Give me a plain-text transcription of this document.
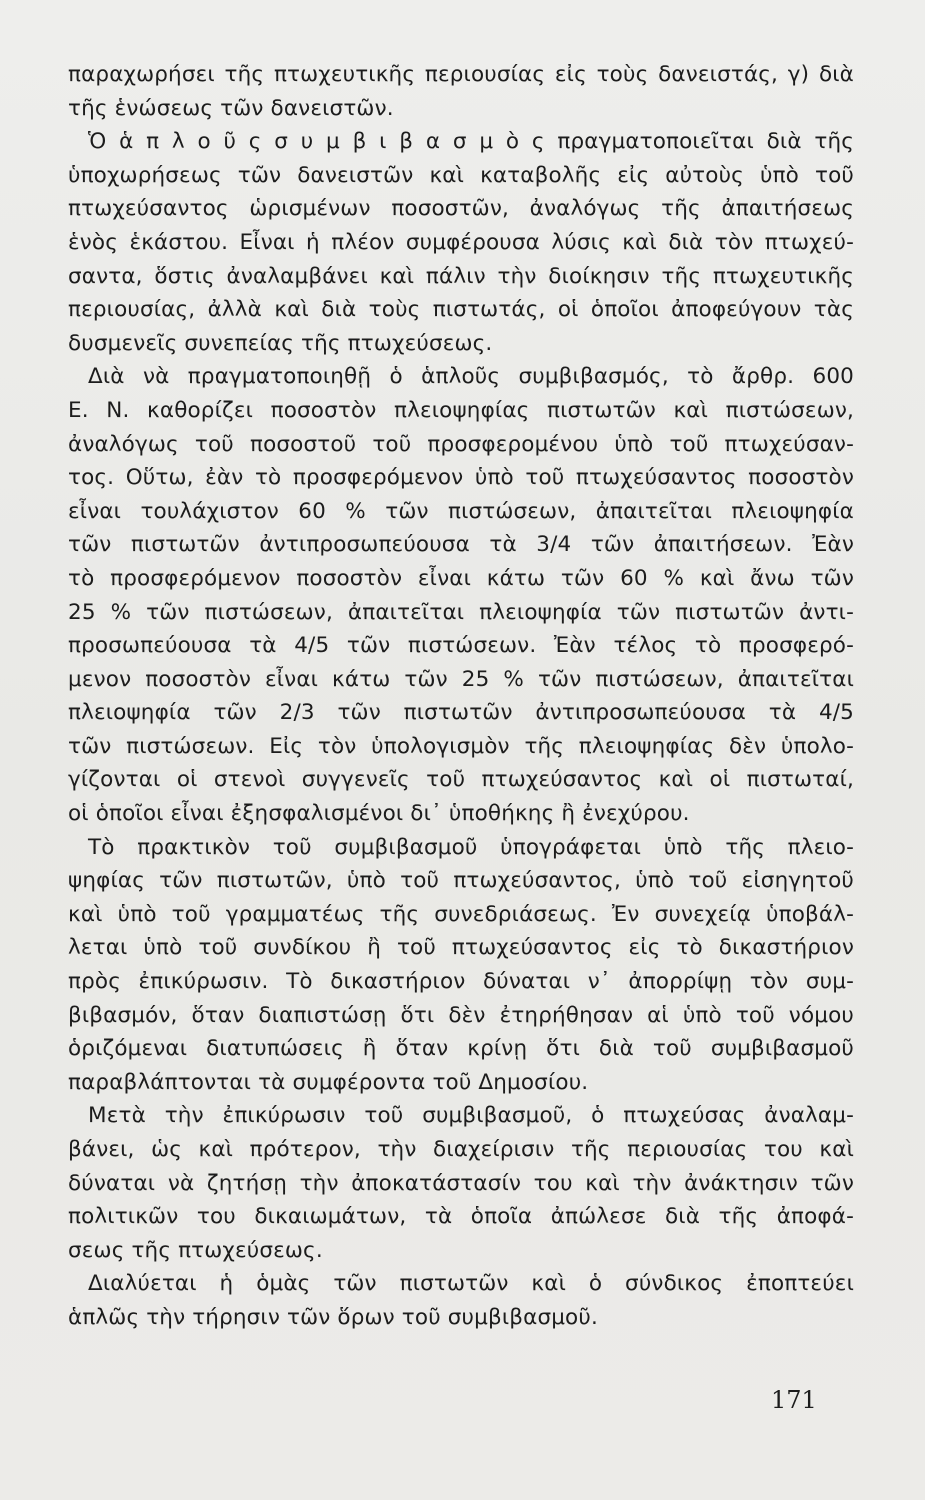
παραχωρήσει τῆς πτωχευτικῆς περιουσίας εἰς τοὺς δανειστάς, γ) διὰ
τῆς ἑνώσεως τῶν δανειστῶν.
Ὁ ἁ π λ ο ῦ ς σ υ μ β ι β α σ μ ὸ ς πραγματοποιεῖται διὰ τῆς
ὑποχωρήσεως τῶν δανειστῶν καὶ καταβολῆς εἰς αὐτοὺς ὑπὸ τοῦ
πτωχεύσαντος ὡρισμένων ποσοστῶν, ἀναλόγως τῆς ἀπαιτήσεως
ἑνὸς ἑκάστου. Εἶναι ἡ πλέον συμφέρουσα λύσις καὶ διὰ τὸν πτωχεύ-
σαντα, ὅστις ἀναλαμβάνει καὶ πάλιν τὴν διοίκησιν τῆς πτωχευτικῆς
περιουσίας, ἀλλὰ καὶ διὰ τοὺς πιστωτάς, οἱ ὁποῖοι ἀποφεύγουν τὰς
δυσμενεῖς συνεπείας τῆς πτωχεύσεως.
Διὰ νὰ πραγματοποιηθῇ ὁ ἁπλοῦς συμβιβασμός, τὸ ἄρθρ. 600
Ε. Ν. καθορίζει ποσοστὸν πλειοψηφίας πιστωτῶν καὶ πιστώσεων,
ἀναλόγως τοῦ ποσοστοῦ τοῦ προσφερομένου ὑπὸ τοῦ πτωχεύσαν-
τος. Οὕτω, ἐὰν τὸ προσφερόμενον ὑπὸ τοῦ πτωχεύσαντος ποσοστὸν
εἶναι τουλάχιστον 60 % τῶν πιστώσεων, ἀπαιτεῖται πλειοψηφία
τῶν πιστωτῶν ἀντιπροσωπεύουσα τὰ 3/4 τῶν ἀπαιτήσεων. Ἐὰν
τὸ προσφερόμενον ποσοστὸν εἶναι κάτω τῶν 60 % καὶ ἄνω τῶν
25 % τῶν πιστώσεων, ἀπαιτεῖται πλειοψηφία τῶν πιστωτῶν ἀντι-
προσωπεύουσα τὰ 4/5 τῶν πιστώσεων. Ἐὰν τέλος τὸ προσφερό-
μενον ποσοστὸν εἶναι κάτω τῶν 25 % τῶν πιστώσεων, ἀπαιτεῖται
πλειοψηφία τῶν 2/3 τῶν πιστωτῶν ἀντιπροσωπεύουσα τὰ 4/5
τῶν πιστώσεων. Εἰς τὸν ὑπολογισμὸν τῆς πλειοψηφίας δὲν ὑπολο-
γίζονται οἱ στενοὶ συγγενεῖς τοῦ πτωχεύσαντος καὶ οἱ πιστωταί,
οἱ ὁποῖοι εἶναι ἐξησφαλισμένοι δι᾽ ὑποθήκης ἢ ἐνεχύρου.
Τὸ πρακτικὸν τοῦ συμβιβασμοῦ ὑπογράφεται ὑπὸ τῆς πλειο-
ψηφίας τῶν πιστωτῶν, ὑπὸ τοῦ πτωχεύσαντος, ὑπὸ τοῦ εἰσηγητοῦ
καὶ ὑπὸ τοῦ γραμματέως τῆς συνεδριάσεως. Ἐν συνεχείᾳ ὑποβάλ-
λεται ὑπὸ τοῦ συνδίκου ἢ τοῦ πτωχεύσαντος εἰς τὸ δικαστήριον
πρὸς ἐπικύρωσιν. Τὸ δικαστήριον δύναται ν᾽ ἀπορρίψῃ τὸν συμ-
βιβασμόν, ὅταν διαπιστώσῃ ὅτι δὲν ἐτηρήθησαν αἱ ὑπὸ τοῦ νόμου
ὁριζόμεναι διατυπώσεις ἢ ὅταν κρίνῃ ὅτι διὰ τοῦ συμβιβασμοῦ
παραβλάπτονται τὰ συμφέροντα τοῦ Δημοσίου.
Μετὰ τὴν ἐπικύρωσιν τοῦ συμβιβασμοῦ, ὁ πτωχεύσας ἀναλαμ-
βάνει, ὡς καὶ πρότερον, τὴν διαχείρισιν τῆς περιουσίας του καὶ
δύναται νὰ ζητήσῃ τὴν ἀποκατάστασίν του καὶ τὴν ἀνάκτησιν τῶν
πολιτικῶν του δικαιωμάτων, τὰ ὁποῖα ἀπώλεσε διὰ τῆς ἀποφά-
σεως τῆς πτωχεύσεως.
Διαλύεται ἡ ὁμὰς τῶν πιστωτῶν καὶ ὁ σύνδικος ἐποπτεύει
ἁπλῶς τὴν τήρησιν τῶν ὅρων τοῦ συμβιβασμοῦ.
171
